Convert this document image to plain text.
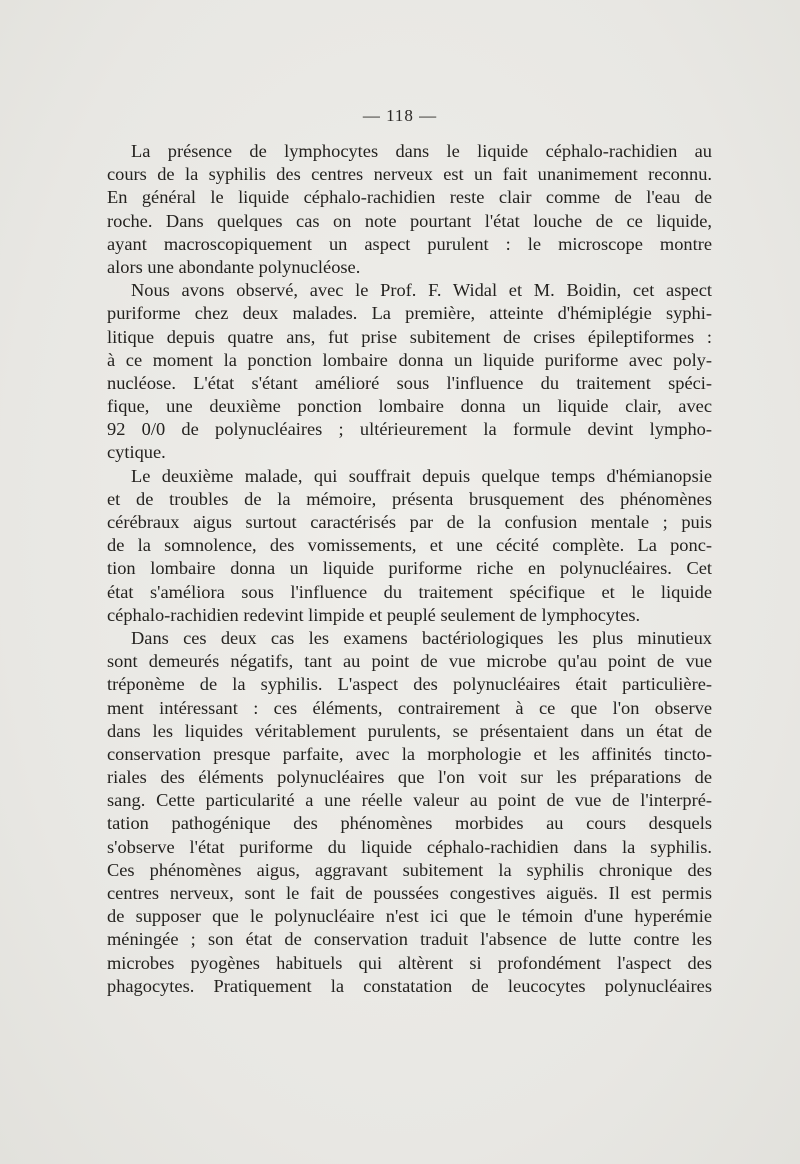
— 118 —
La présence de lymphocytes dans le liquide céphalo-rachidien au
cours de la syphilis des centres nerveux est un fait unanimement reconnu.
En général le liquide céphalo-rachidien reste clair comme de l'eau de
roche. Dans quelques cas on note pourtant l'état louche de ce liquide,
ayant macroscopiquement un aspect purulent : le microscope montre
alors une abondante polynucléose.
Nous avons observé, avec le Prof. F. Widal et M. Boidin, cet aspect
puriforme chez deux malades. La première, atteinte d'hémiplégie syphi-
litique depuis quatre ans, fut prise subitement de crises épileptiformes :
à ce moment la ponction lombaire donna un liquide puriforme avec poly-
nucléose. L'état s'étant amélioré sous l'influence du traitement spéci-
fique, une deuxième ponction lombaire donna un liquide clair, avec
92 0/0 de polynucléaires ; ultérieurement la formule devint lympho-
cytique.
Le deuxième malade, qui souffrait depuis quelque temps d'hémianopsie
et de troubles de la mémoire, présenta brusquement des phénomènes
cérébraux aigus surtout caractérisés par de la confusion mentale ; puis
de la somnolence, des vomissements, et une cécité complète. La ponc-
tion lombaire donna un liquide puriforme riche en polynucléaires. Cet
état s'améliora sous l'influence du traitement spécifique et le liquide
céphalo-rachidien redevint limpide et peuplé seulement de lymphocytes.
Dans ces deux cas les examens bactériologiques les plus minutieux
sont demeurés négatifs, tant au point de vue microbe qu'au point de vue
tréponème de la syphilis. L'aspect des polynucléaires était particulière-
ment intéressant : ces éléments, contrairement à ce que l'on observe
dans les liquides véritablement purulents, se présentaient dans un état de
conservation presque parfaite, avec la morphologie et les affinités tincto-
riales des éléments polynucléaires que l'on voit sur les préparations de
sang. Cette particularité a une réelle valeur au point de vue de l'interpré-
tation pathogénique des phénomènes morbides au cours desquels
s'observe l'état puriforme du liquide céphalo-rachidien dans la syphilis.
Ces phénomènes aigus, aggravant subitement la syphilis chronique des
centres nerveux, sont le fait de poussées congestives aiguës. Il est permis
de supposer que le polynucléaire n'est ici que le témoin d'une hyperémie
méningée ; son état de conservation traduit l'absence de lutte contre les
microbes pyogènes habituels qui altèrent si profondément l'aspect des
phagocytes. Pratiquement la constatation de leucocytes polynucléaires
